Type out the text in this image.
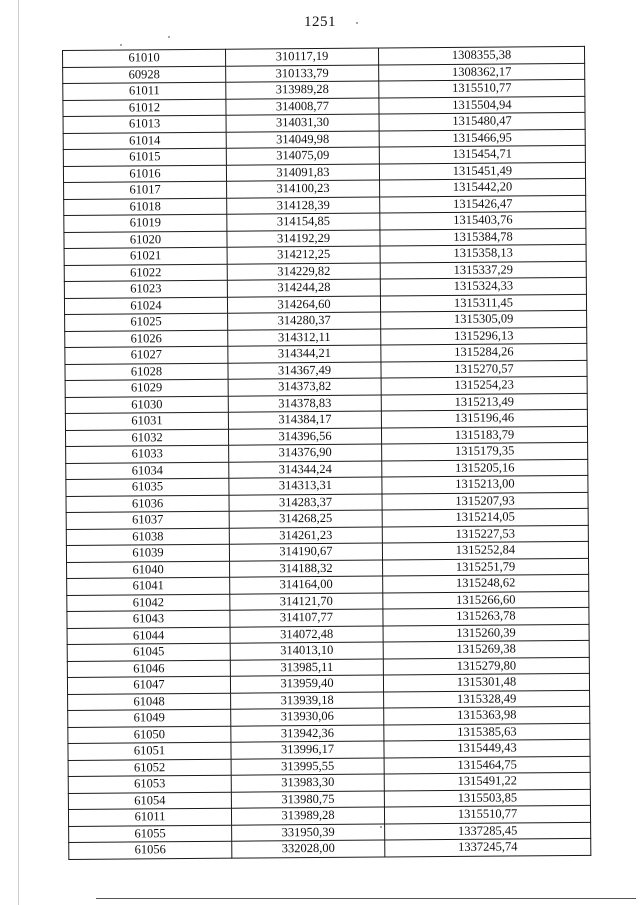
1251
61010	310117,19	1308355,38
60928	310133,79	1308362,17
61011	313989,28	1315510,77
61012	314008,77	1315504,94
61013	314031,30	1315480,47
61014	314049,98	1315466,95
61015	314075,09	1315454,71
61016	314091,83	1315451,49
61017	314100,23	1315442,20
61018	314128,39	1315426,47
61019	314154,85	1315403,76
61020	314192,29	1315384,78
61021	314212,25	1315358,13
61022	314229,82	1315337,29
61023	314244,28	1315324,33
61024	314264,60	1315311,45
61025	314280,37	1315305,09
61026	314312,11	1315296,13
61027	314344,21	1315284,26
61028	314367,49	1315270,57
61029	314373,82	1315254,23
61030	314378,83	1315213,49
61031	314384,17	1315196,46
61032	314396,56	1315183,79
61033	314376,90	1315179,35
61034	314344,24	1315205,16
61035	314313,31	1315213,00
61036	314283,37	1315207,93
61037	314268,25	1315214,05
61038	314261,23	1315227,53
61039	314190,67	1315252,84
61040	314188,32	1315251,79
61041	314164,00	1315248,62
61042	314121,70	1315266,60
61043	314107,77	1315263,78
61044	314072,48	1315260,39
61045	314013,10	1315269,38
61046	313985,11	1315279,80
61047	313959,40	1315301,48
61048	313939,18	1315328,49
61049	313930,06	1315363,98
61050	313942,36	1315385,63
61051	313996,17	1315449,43
61052	313995,55	1315464,75
61053	313983,30	1315491,22
61054	313980,75	1315503,85
61011	313989,28	1315510,77
61055	331950,39	1337285,45
61056	332028,00	1337245,74
